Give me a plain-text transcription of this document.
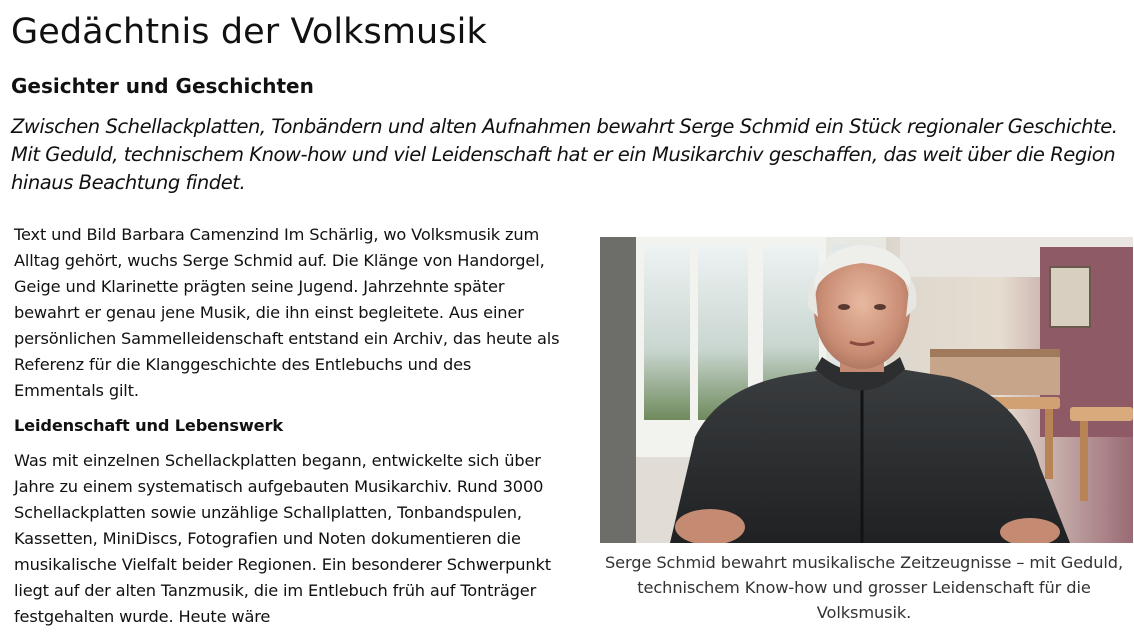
Gedächtnis der Volksmusik
Gesichter und Geschichten

Zwischen Schellackplatten, Tonbändern und alten Aufnahmen bewahrt Serge Schmid ein Stück regionaler Geschichte. Mit Geduld, technischem Know-how und viel Leidenschaft hat er ein Musikarchiv geschaffen, das weit über die Region hinaus Beachtung findet.

Text und Bild Barbara Camenzind Im Schärlig, wo Volksmusik zum Alltag gehört, wuchs Serge Schmid auf. Die Klänge von Handorgel, Geige und Klarinette prägten seine Jugend. Jahrzehnte später bewahrt er genau jene Musik, die ihn einst begleitete. Aus einer persönlichen Sammelleidenschaft entstand ein Archiv, das heute als Referenz für die Klanggeschichte des Entlebuchs und des Emmentals gilt.

Leidenschaft und Lebenswerk

Was mit einzelnen Schellackplatten begann, entwickelte sich über Jahre zu einem systematisch aufgebauten Musikarchiv. Rund 3000 Schellackplatten sowie unzählige Schallplatten, Tonbandspulen, Kassetten, MiniDiscs, Fotografien und Noten dokumentieren die musikalische Vielfalt beider Regionen. Ein besonderer Schwerpunkt liegt auf der alten Tanzmusik, die im Entlebuch früh auf Tonträger festgehalten wurde. Heute wäre

Serge Schmid bewahrt musikalische Zeitzeugnisse – mit Geduld, technischem Know-how und grosser Leidenschaft für die Volksmusik.
